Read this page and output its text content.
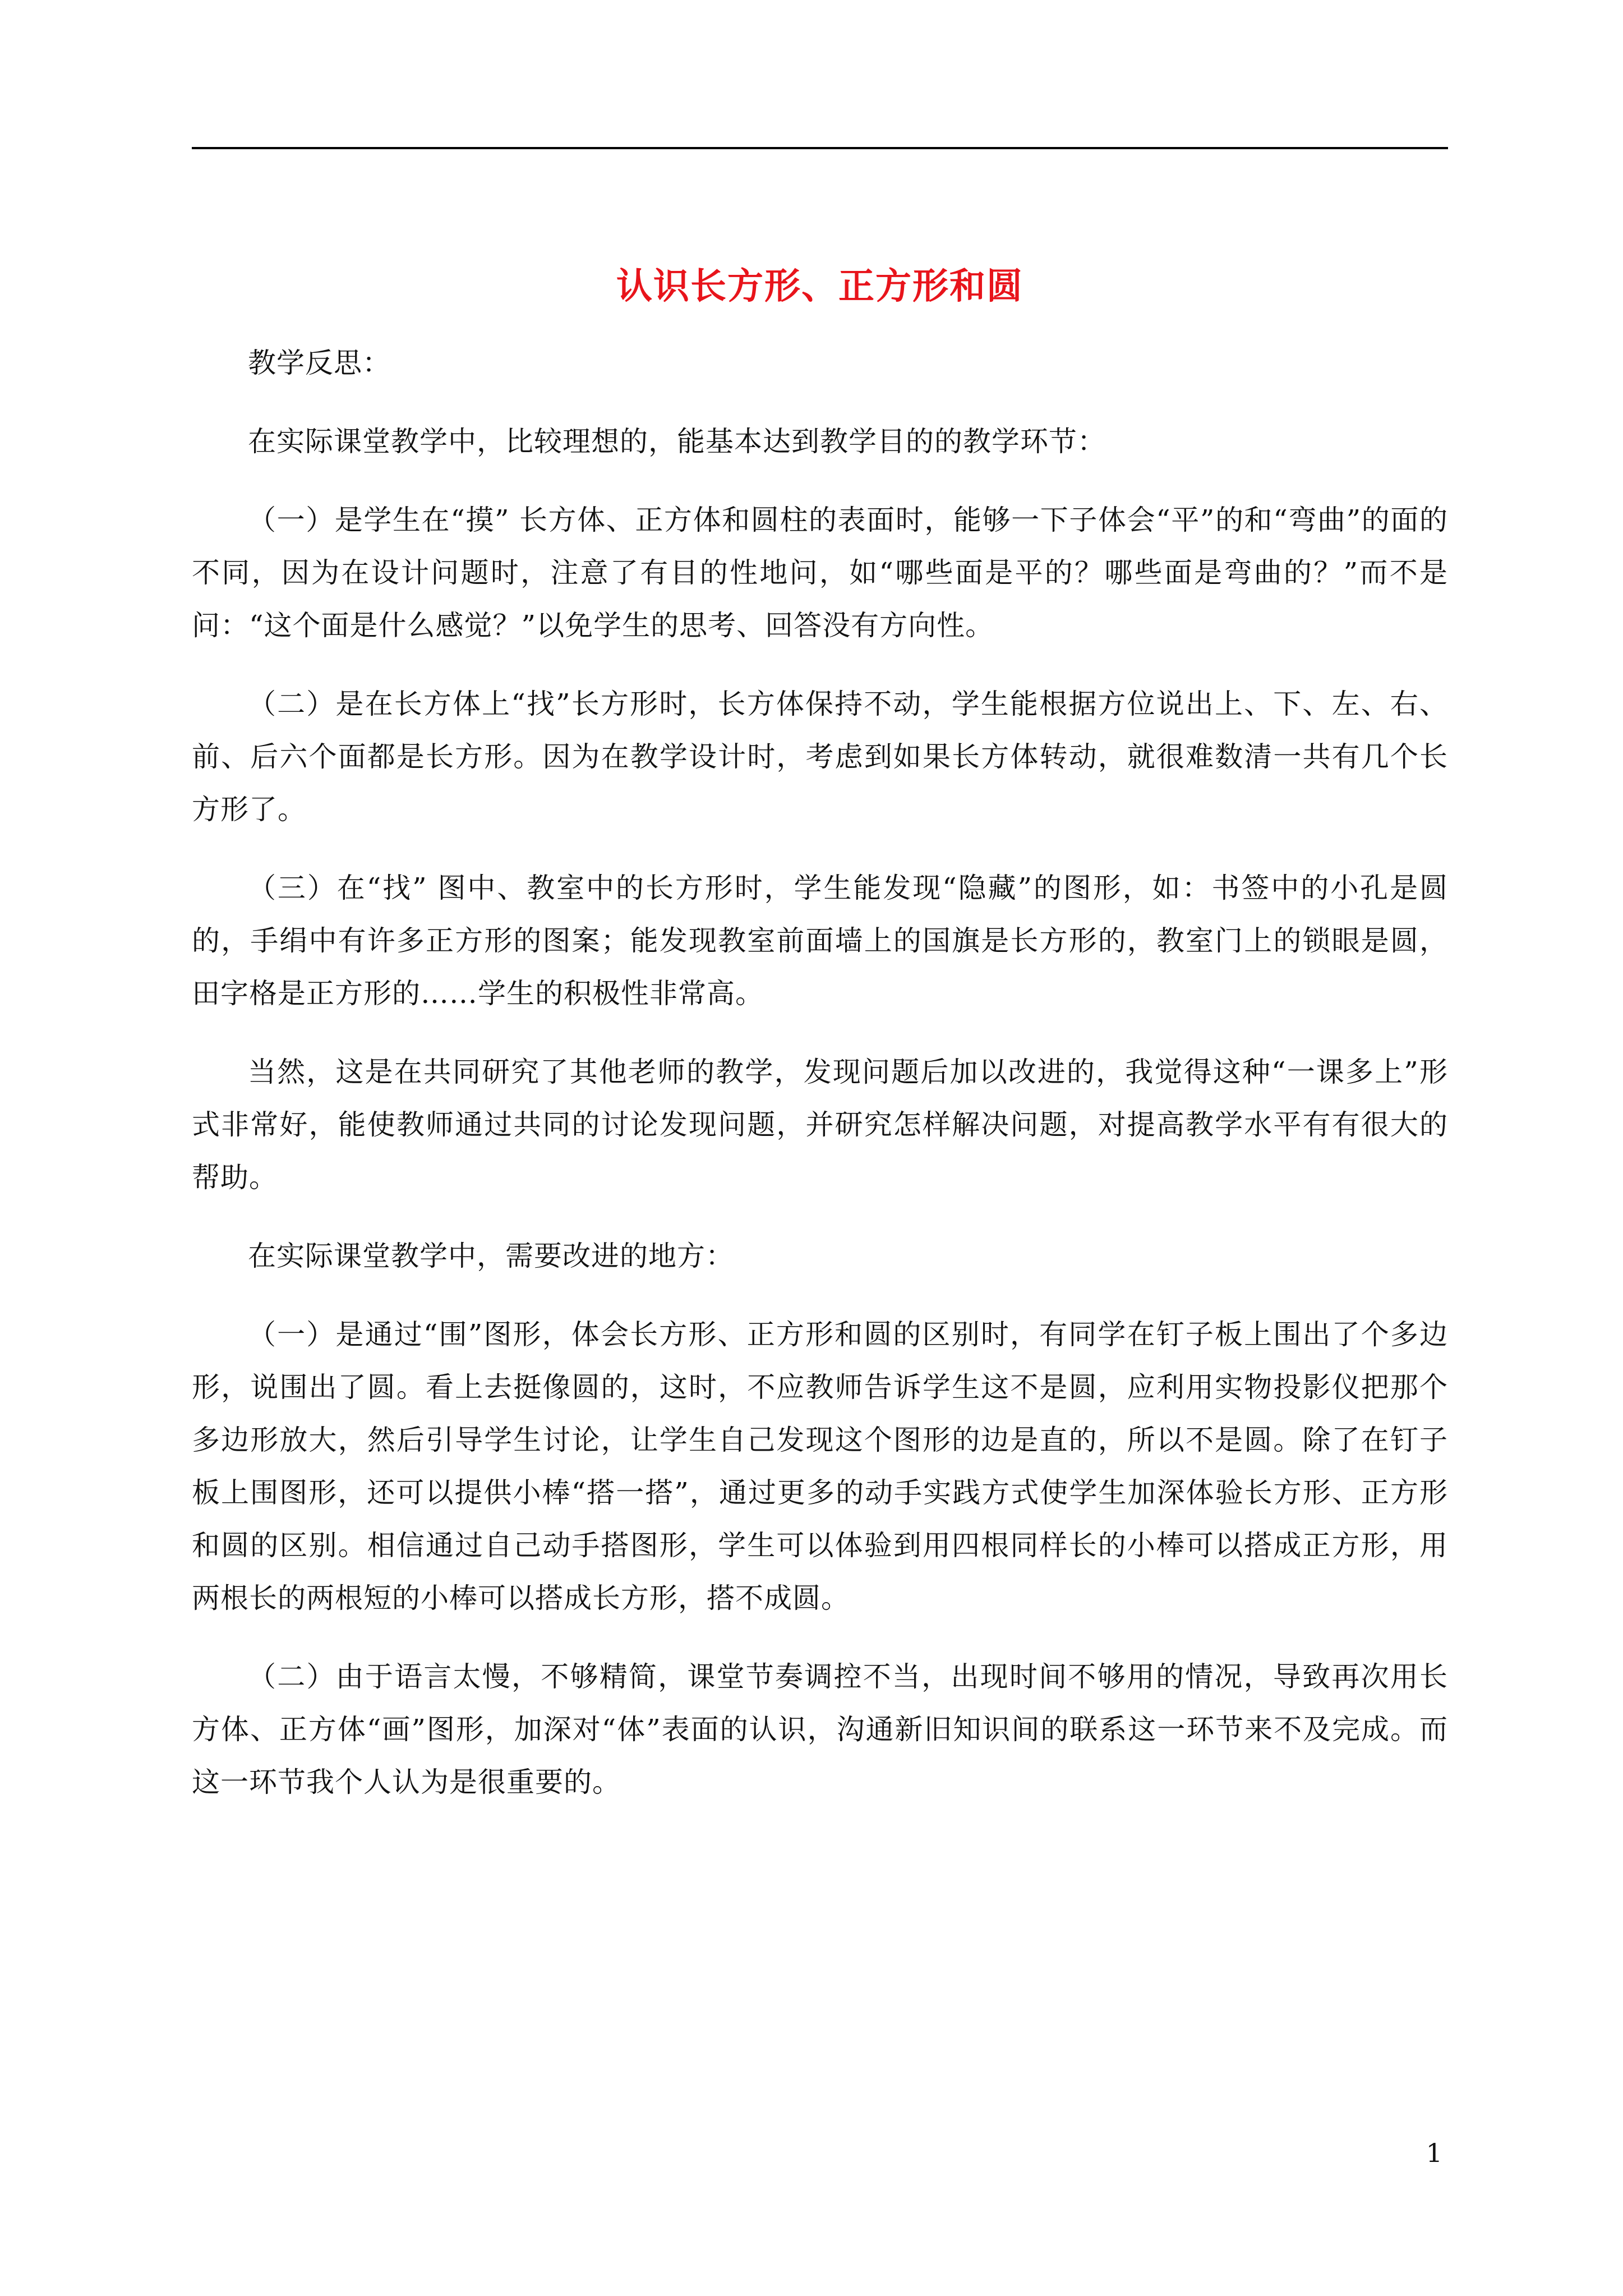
认识长方形、正方形和圆

教学反思：

在实际课堂教学中，比较理想的，能基本达到教学目的的教学环节：

（一）是学生在“摸” 长方体、正方体和圆柱的表面时，能够一下子体会“平”的和“弯曲”的面的不同，因为在设计问题时，注意了有目的性地问，如“哪些面是平的？哪些面是弯曲的？”而不是问：“这个面是什么感觉？”以免学生的思考、回答没有方向性。

（二）是在长方体上“找”长方形时，长方体保持不动，学生能根据方位说出上、下、左、右、前、后六个面都是长方形。因为在教学设计时，考虑到如果长方体转动，就很难数清一共有几个长方形了。

（三）在“找” 图中、教室中的长方形时，学生能发现“隐藏”的图形，如：书签中的小孔是圆的，手绢中有许多正方形的图案；能发现教室前面墙上的国旗是长方形的，教室门上的锁眼是圆，田字格是正方形的……学生的积极性非常高。

当然，这是在共同研究了其他老师的教学，发现问题后加以改进的，我觉得这种“一课多上”形式非常好，能使教师通过共同的讨论发现问题，并研究怎样解决问题，对提高教学水平有有很大的帮助。

在实际课堂教学中，需要改进的地方：

（一）是通过“围”图形，体会长方形、正方形和圆的区别时，有同学在钉子板上围出了个多边形，说围出了圆。看上去挺像圆的，这时，不应教师告诉学生这不是圆，应利用实物投影仪把那个多边形放大，然后引导学生讨论，让学生自己发现这个图形的边是直的，所以不是圆。除了在钉子板上围图形，还可以提供小棒“搭一搭”，通过更多的动手实践方式使学生加深体验长方形、正方形和圆的区别。相信通过自己动手搭图形，学生可以体验到用四根同样长的小棒可以搭成正方形，用两根长的两根短的小棒可以搭成长方形，搭不成圆。

（二）由于语言太慢，不够精简，课堂节奏调控不当，出现时间不够用的情况，导致再次用长方体、正方体“画”图形，加深对“体”表面的认识，沟通新旧知识间的联系这一环节来不及完成。而这一环节我个人认为是很重要的。

1
